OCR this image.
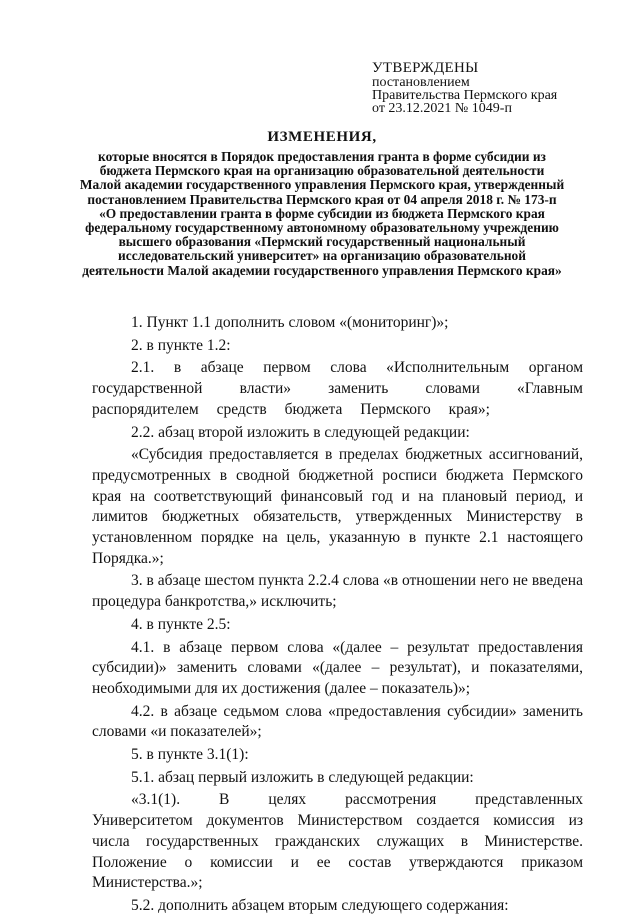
УТВЕРЖДЕНЫ
постановлением
Правительства Пермского края
от 23.12.2021 № 1049-п
ИЗМЕНЕНИЯ,
которые вносятся в Порядок предоставления гранта в форме субсидии из бюджета Пермского края на организацию образовательной деятельности Малой академии государственного управления Пермского края, утвержденный постановлением Правительства Пермского края от 04 апреля 2018 г. № 173-п «О предоставлении гранта в форме субсидии из бюджета Пермского края федеральному государственному автономному образовательному учреждению высшего образования «Пермский государственный национальный исследовательский университет» на организацию образовательной деятельности Малой академии государственного управления Пермского края»

1. Пункт 1.1 дополнить словом «(мониторинг)»;

2. в пункте 1.2:

2.1. в абзаце первом слова «Исполнительным органом государственной власти» заменить словами «Главным распорядителем средств бюджета Пермского края»;

2.2. абзац второй изложить в следующей редакции:

«Субсидия предоставляется в пределах бюджетных ассигнований, предусмотренных в сводной бюджетной росписи бюджета Пермского края на соответствующий финансовый год и на плановый период, и лимитов бюджетных обязательств, утвержденных Министерству в установленном порядке на цель, указанную в пункте 2.1 настоящего Порядка.»;

3. в абзаце шестом пункта 2.2.4 слова «в отношении него не введена процедура банкротства,» исключить;

4. в пункте 2.5:

4.1. в абзаце первом слова «(далее – результат предоставления субсидии)» заменить словами «(далее – результат), и показателями, необходимыми для их достижения (далее – показатель)»;

4.2. в абзаце седьмом слова «предоставления субсидии» заменить словами «и показателей»;

5. в пункте 3.1(1):

5.1. абзац первый изложить в следующей редакции:

«3.1(1). В целях рассмотрения представленных Университетом документов Министерством создается комиссия из числа государственных гражданских служащих в Министерстве. Положение о комиссии и ее состав утверждаются приказом Министерства.»;

5.2. дополнить абзацем вторым следующего содержания:
